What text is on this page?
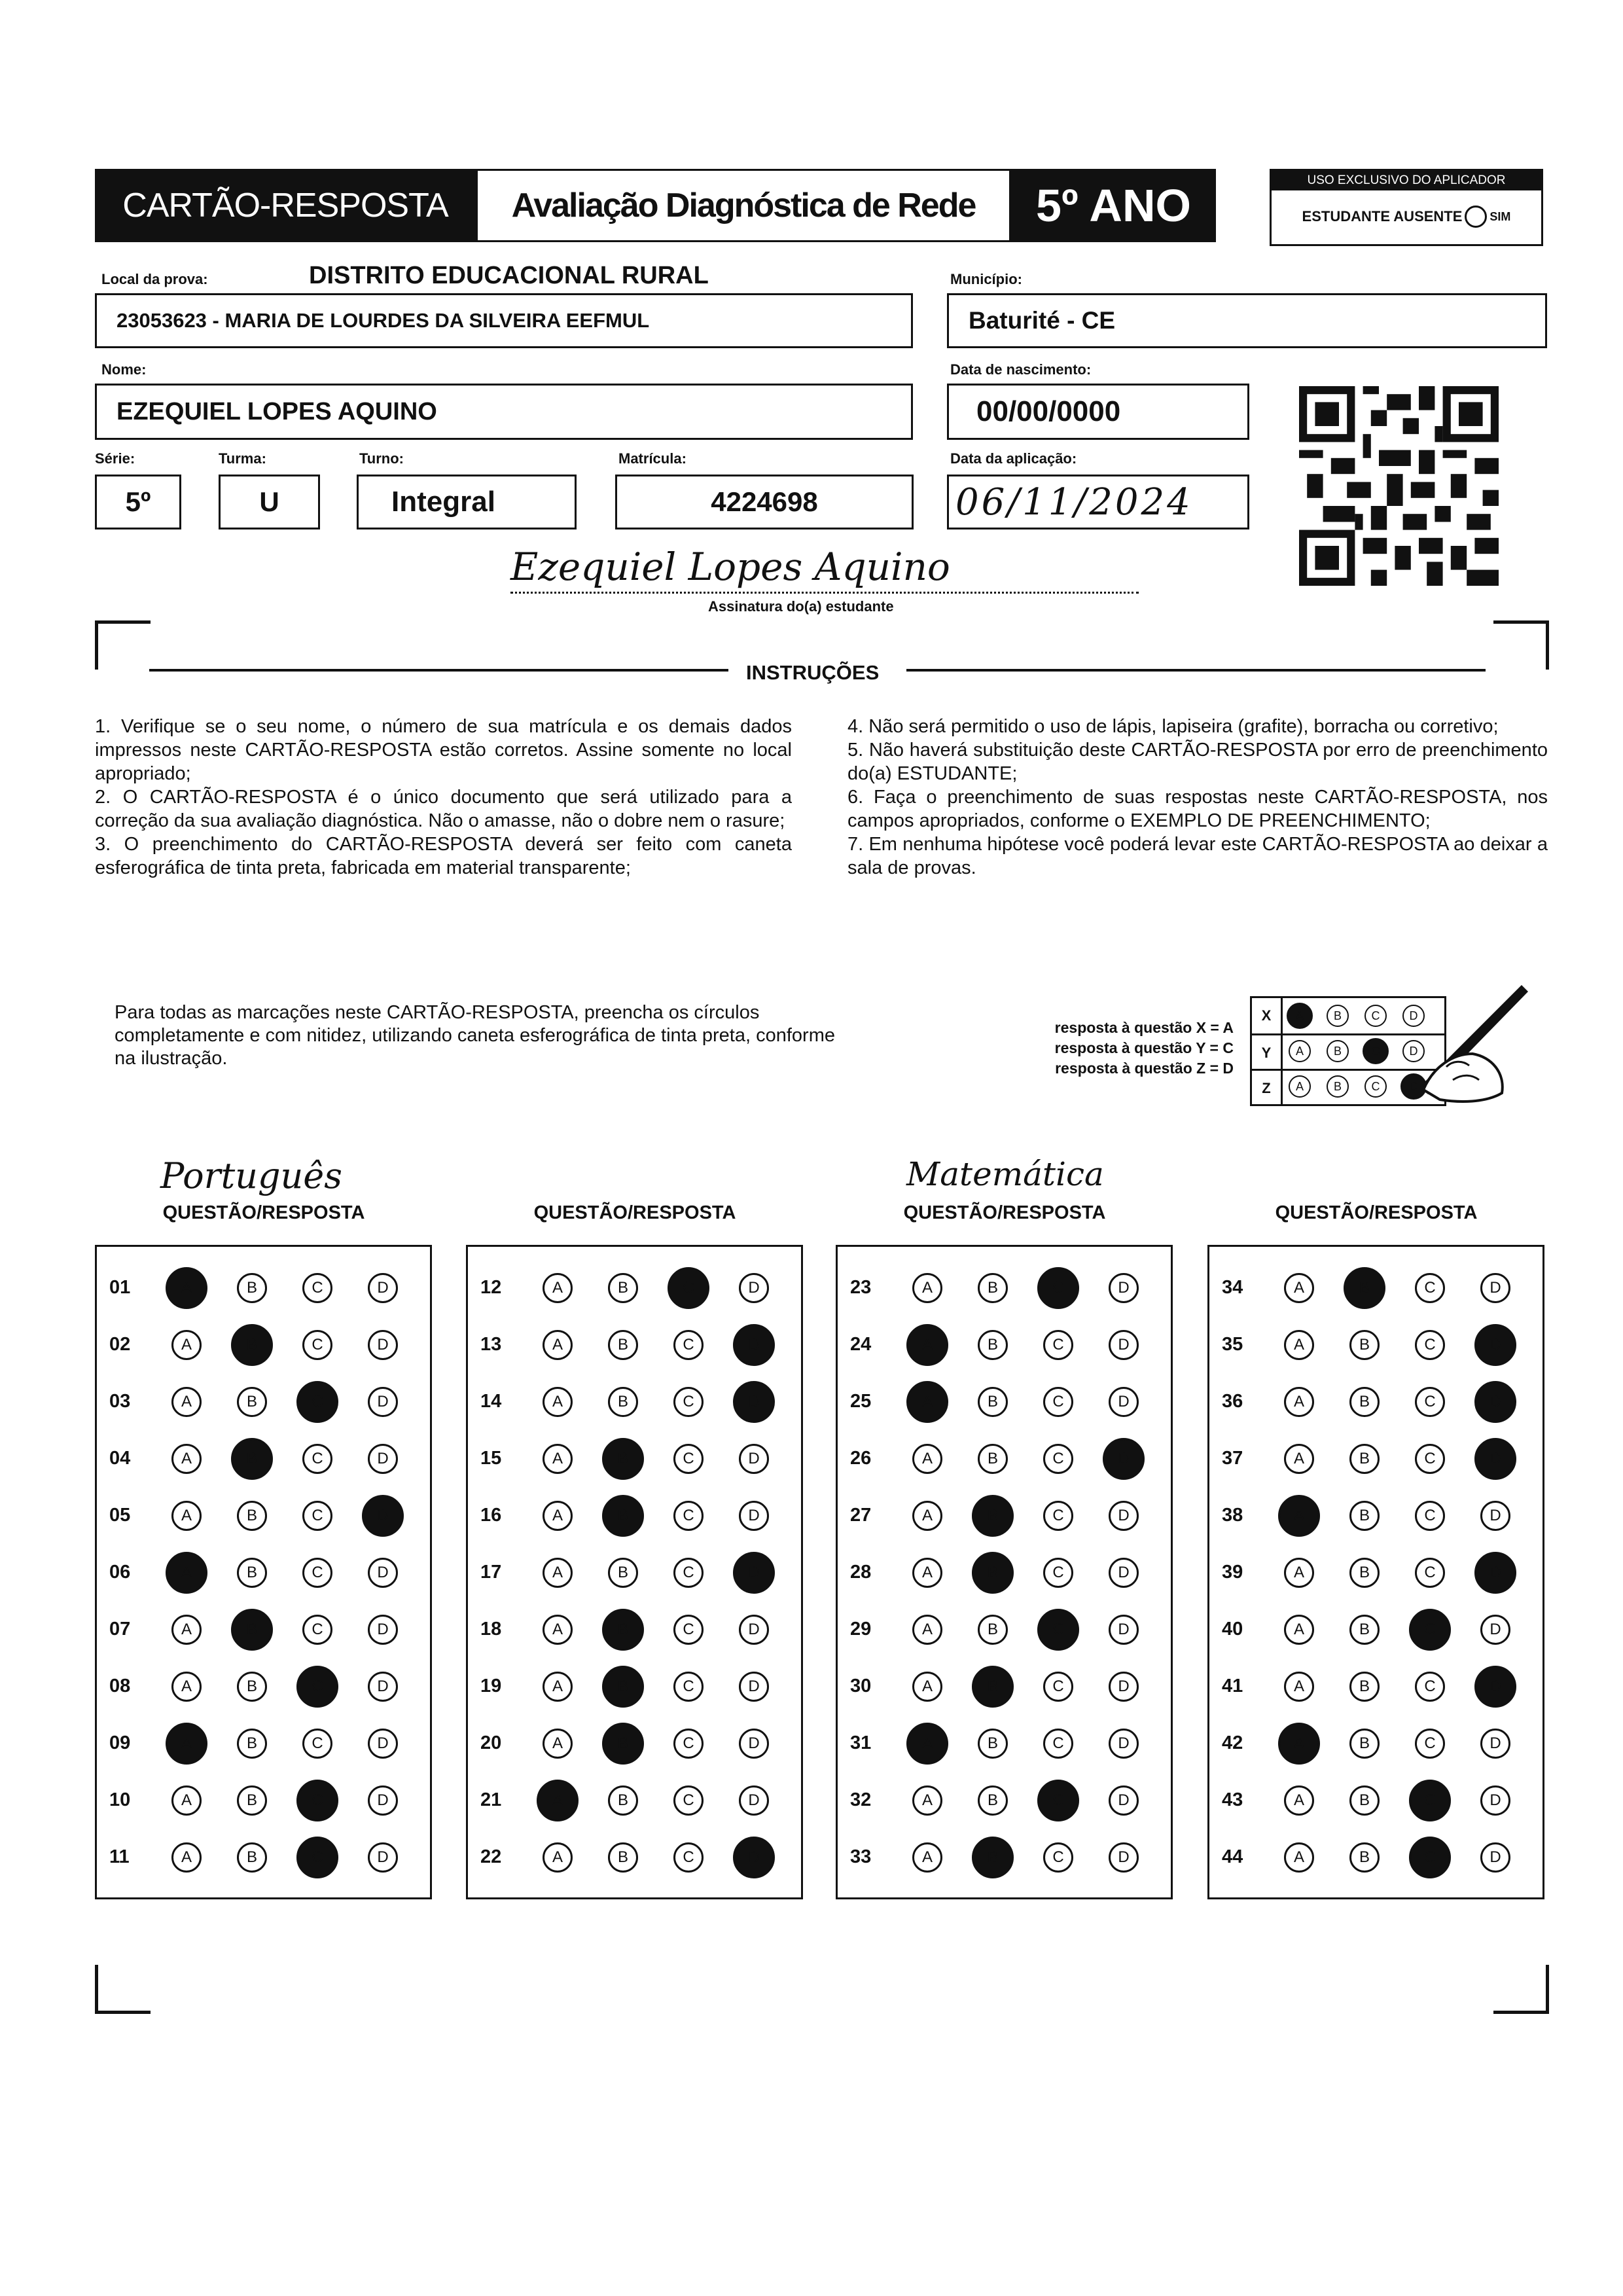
CARTÃO-RESPOSTA Avaliação Diagnóstica de Rede 5º ANO	USO EXCLUSIVO DO APLICADOR
ESTUDANTE AUSENTE SIM
Local da prova:	DISTRITO EDUCACIONAL RURAL
23053623 - MARIA DE LOURDES DA SILVEIRA EEFMUL
Município:
Baturité - CE
Nome:
EZEQUIEL LOPES AQUINO
Data de nascimento:
00/00/0000
Série:
5º
Turma:
U
Turno:
Integral
Matrícula:
4224698
Data da aplicação:
06/11/2024
Ezequiel Lopes Aquino
Assinatura do(a) estudante
INSTRUÇÕES

1. Verifique se o seu nome, o número de sua matrícula e os demais dados impressos neste CARTÃO-RESPOSTA estão corretos. Assine somente no local apropriado;

2. O CARTÃO-RESPOSTA é o único documento que será utilizado para a correção da sua avaliação diagnóstica. Não o amasse, não o dobre nem o rasure;

3. O preenchimento do CARTÃO-RESPOSTA deverá ser feito com caneta esferográfica de tinta preta, fabricada em material transparente;

4. Não será permitido o uso de lápis, lapiseira (grafite), borracha ou corretivo;

5. Não haverá substituição deste CARTÃO-RESPOSTA por erro de preenchimento do(a) ESTUDANTE;

6. Faça o preenchimento de suas respostas neste CARTÃO-RESPOSTA, nos campos apropriados, conforme o EXEMPLO DE PREENCHIMENTO;

7. Em nenhuma hipótese você poderá levar este CARTÃO-RESPOSTA ao deixar a sala de provas.

Para todas as marcações neste CARTÃO-RESPOSTA, preencha os círculos completamente e com nitidez, utilizando caneta esferográfica de tinta preta, conforme na ilustração.
resposta à questão X = A
resposta à questão Y = C
resposta à questão Z = D
X	A	B	C	D
Y	A	B	C	D
Z	A	B	C	D
Português	Matemática
QUESTÃO/RESPOSTA
01	A	B	C	D
02	A	B	C	D
03	A	B	C	D
04	A	B	C	D
05	A	B	C	D
06	A	B	C	D
07	A	B	C	D
08	A	B	C	D
09	A	B	C	D
10	A	B	C	D
11	A	B	C	D
QUESTÃO/RESPOSTA
12	A	B	C	D
13	A	B	C	D
14	A	B	C	D
15	A	B	C	D
16	A	B	C	D
17	A	B	C	D
18	A	B	C	D
19	A	B	C	D
20	A	B	C	D
21	A	B	C	D
22	A	B	C	D
QUESTÃO/RESPOSTA
23	A	B	C	D
24	A	B	C	D
25	A	B	C	D
26	A	B	C	D
27	A	B	C	D
28	A	B	C	D
29	A	B	C	D
30	A	B	C	D
31	A	B	C	D
32	A	B	C	D
33	A	B	C	D
QUESTÃO/RESPOSTA
34	A	B	C	D
35	A	B	C	D
36	A	B	C	D
37	A	B	C	D
38	A	B	C	D
39	A	B	C	D
40	A	B	C	D
41	A	B	C	D
42	A	B	C	D
43	A	B	C	D
44	A	B	C	D
